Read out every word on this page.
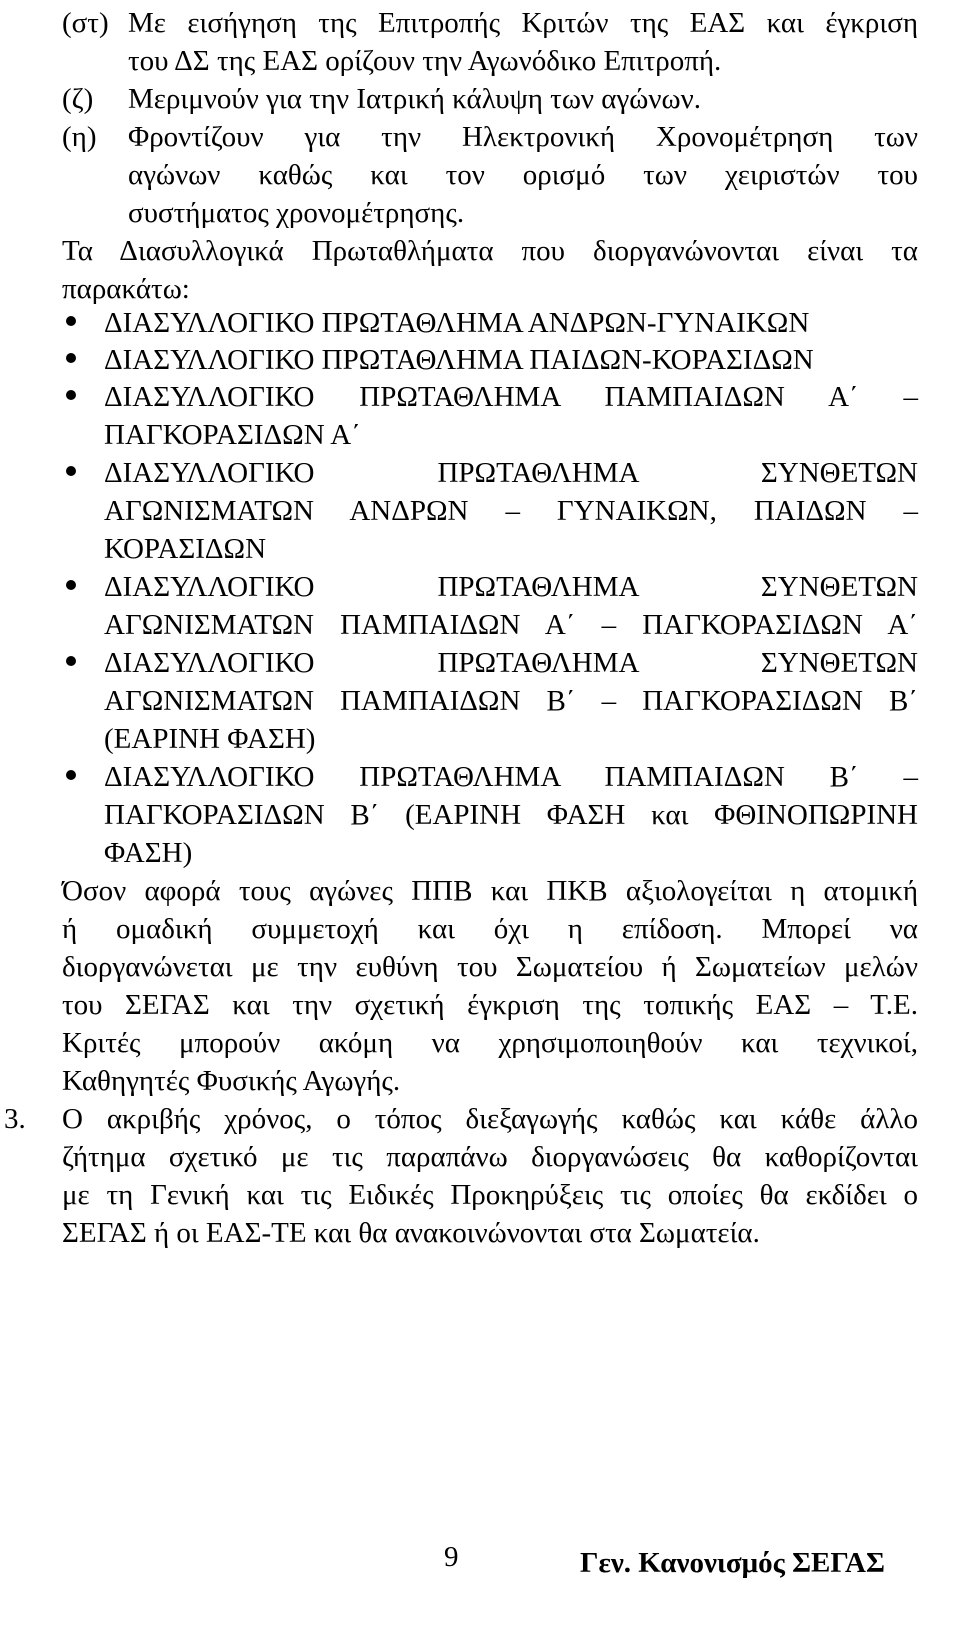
(στ) Με εισήγηση της Επιτροπής Κριτών της ΕΑΣ και έγκριση
του ΔΣ της ΕΑΣ ορίζουν την Αγωνόδικο Επιτροπή.
(ζ) Μεριμνούν για την Ιατρική κάλυψη των αγώνων.
(η) Φροντίζουν για την Ηλεκτρονική Χρονομέτρηση των
αγώνων καθώς και τον ορισμό των χειριστών του
συστήματος χρονομέτρησης.
Τα Διασυλλογικά Πρωταθλήματα που διοργανώνονται είναι τα
παρακάτω:
ΔΙΑΣΥΛΛΟΓΙΚΟ ΠΡΩΤΑΘΛΗΜΑ ΑΝΔΡΩΝ-ΓΥΝΑΙΚΩΝ
ΔΙΑΣΥΛΛΟΓΙΚΟ ΠΡΩΤΑΘΛΗΜΑ ΠΑΙΔΩΝ-ΚΟΡΑΣΙΔΩΝ
ΔΙΑΣΥΛΛΟΓΙΚΟ ΠΡΩΤΑΘΛΗΜΑ ΠΑΜΠΑΙΔΩΝ Α΄ –
ΠΑΓΚΟΡΑΣΙΔΩΝ Α΄
ΔΙΑΣΥΛΛΟΓΙΚΟ ΠΡΩΤΑΘΛΗΜΑ ΣΥΝΘΕΤΩΝ
ΑΓΩΝΙΣΜΑΤΩΝ ΑΝΔΡΩΝ – ΓΥΝΑΙΚΩΝ, ΠΑΙΔΩΝ –
ΚΟΡΑΣΙΔΩΝ
ΔΙΑΣΥΛΛΟΓΙΚΟ ΠΡΩΤΑΘΛΗΜΑ ΣΥΝΘΕΤΩΝ
ΑΓΩΝΙΣΜΑΤΩΝ ΠΑΜΠΑΙΔΩΝ Α΄ – ΠΑΓΚΟΡΑΣΙΔΩΝ Α΄
ΔΙΑΣΥΛΛΟΓΙΚΟ ΠΡΩΤΑΘΛΗΜΑ ΣΥΝΘΕΤΩΝ
ΑΓΩΝΙΣΜΑΤΩΝ ΠΑΜΠΑΙΔΩΝ Β΄ – ΠΑΓΚΟΡΑΣΙΔΩΝ Β΄
(ΕΑΡΙΝΗ ΦΑΣΗ)
ΔΙΑΣΥΛΛΟΓΙΚΟ ΠΡΩΤΑΘΛΗΜΑ ΠΑΜΠΑΙΔΩΝ Β΄ –
ΠΑΓΚΟΡΑΣΙΔΩΝ Β΄ (ΕΑΡΙΝΗ ΦΑΣΗ και ΦΘΙΝΟΠΩΡΙΝΗ
ΦΑΣΗ)
Όσον αφορά τους αγώνες ΠΠΒ και ΠΚΒ αξιολογείται η ατομική
ή ομαδική συμμετοχή και όχι η επίδοση. Μπορεί να
διοργανώνεται με την ευθύνη του Σωματείου ή Σωματείων μελών
του ΣΕΓΑΣ και την σχετική έγκριση της τοπικής ΕΑΣ – Τ.Ε.
Κριτές μπορούν ακόμη να χρησιμοποιηθούν και τεχνικοί,
Καθηγητές Φυσικής Αγωγής.
3. Ο ακριβής χρόνος, ο τόπος διεξαγωγής καθώς και κάθε άλλο
ζήτημα σχετικό με τις παραπάνω διοργανώσεις θα καθορίζονται
με τη Γενική και τις Ειδικές Προκηρύξεις τις οποίες θα εκδίδει ο
ΣΕΓΑΣ ή οι ΕΑΣ-ΤΕ και θα ανακοινώνονται στα Σωματεία.
9	Γεν. Κανονισμός ΣΕΓΑΣ
